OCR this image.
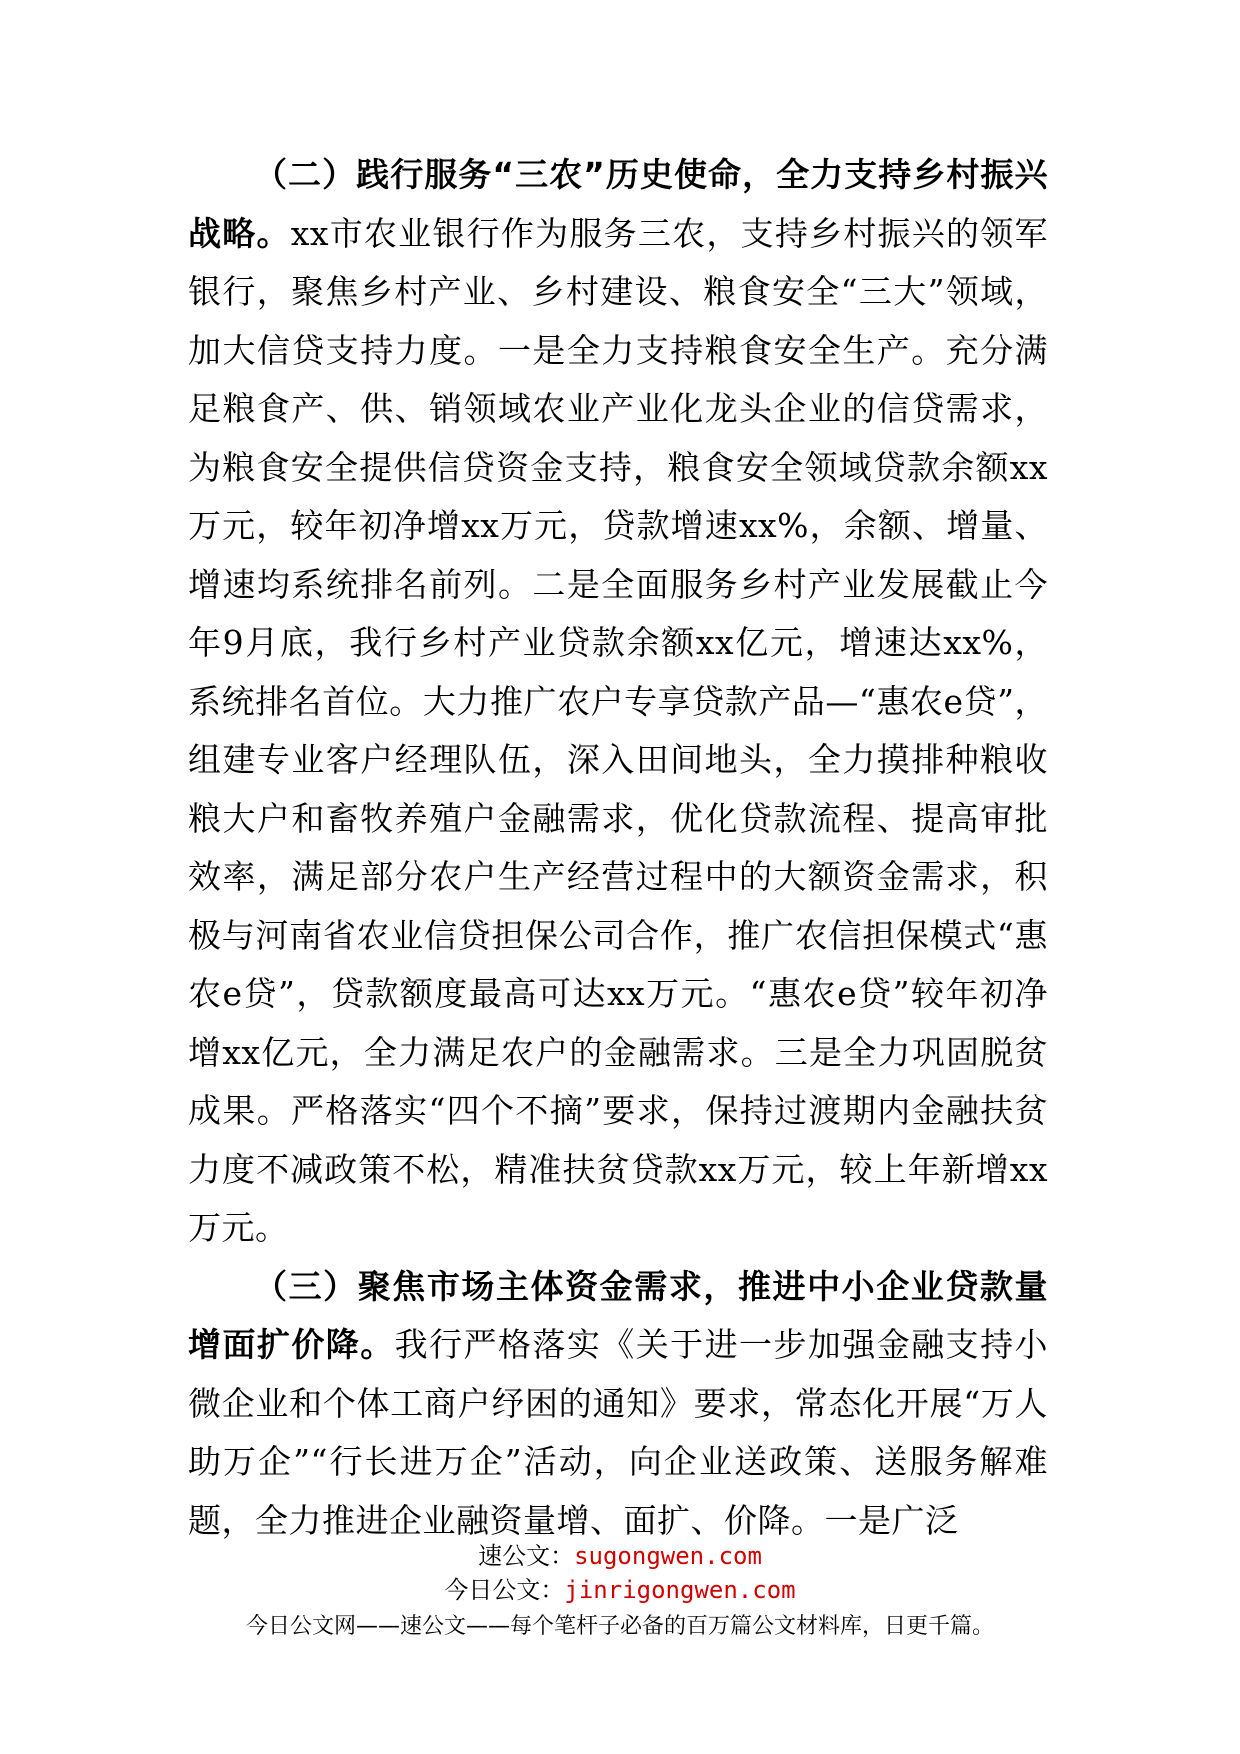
（二）践行服务“三农”历史使命，全力支持乡村振兴战略。xx市农业银行作为服务三农，支持乡村振兴的领军银行，聚焦乡村产业、乡村建设、粮食安全“三大”领域，加大信贷支持力度。一是全力支持粮食安全生产。充分满足粮食产、供、销领域农业产业化龙头企业的信贷需求，为粮食安全提供信贷资金支持，粮食安全领域贷款余额xx万元，较年初净增xx万元，贷款增速xx%，余额、增量、增速均系统排名前列。二是全面服务乡村产业发展截止今年9月底，我行乡村产业贷款余额xx亿元，增速达xx%，系统排名首位。大力推广农户专享贷款产品—“惠农e贷”，组建专业客户经理队伍，深入田间地头，全力摸排种粮收粮大户和畜牧养殖户金融需求，优化贷款流程、提高审批效率，满足部分农户生产经营过程中的大额资金需求，积极与河南省农业信贷担保公司合作，推广农信担保模式“惠农e贷”，贷款额度最高可达xx万元。“惠农e贷”较年初净增xx亿元，全力满足农户的金融需求。三是全力巩固脱贫成果。严格落实“四个不摘”要求，保持过渡期内金融扶贫力度不减政策不松，精准扶贫贷款xx万元，较上年新增xx万元。

（三）聚焦市场主体资金需求，推进中小企业贷款量增面扩价降。我行严格落实《关于进一步加强金融支持小微企业和个体工商户纾困的通知》要求，常态化开展“万人助万企”“行长进万企”活动，向企业送政策、送服务解难题，全力推进企业融资量增、面扩、价降。一是广泛

速公文：sugongwen.com
今日公文：jinrigongwen.com
今日公文网——速公文——每个笔杆子必备的百万篇公文材料库，日更千篇。
